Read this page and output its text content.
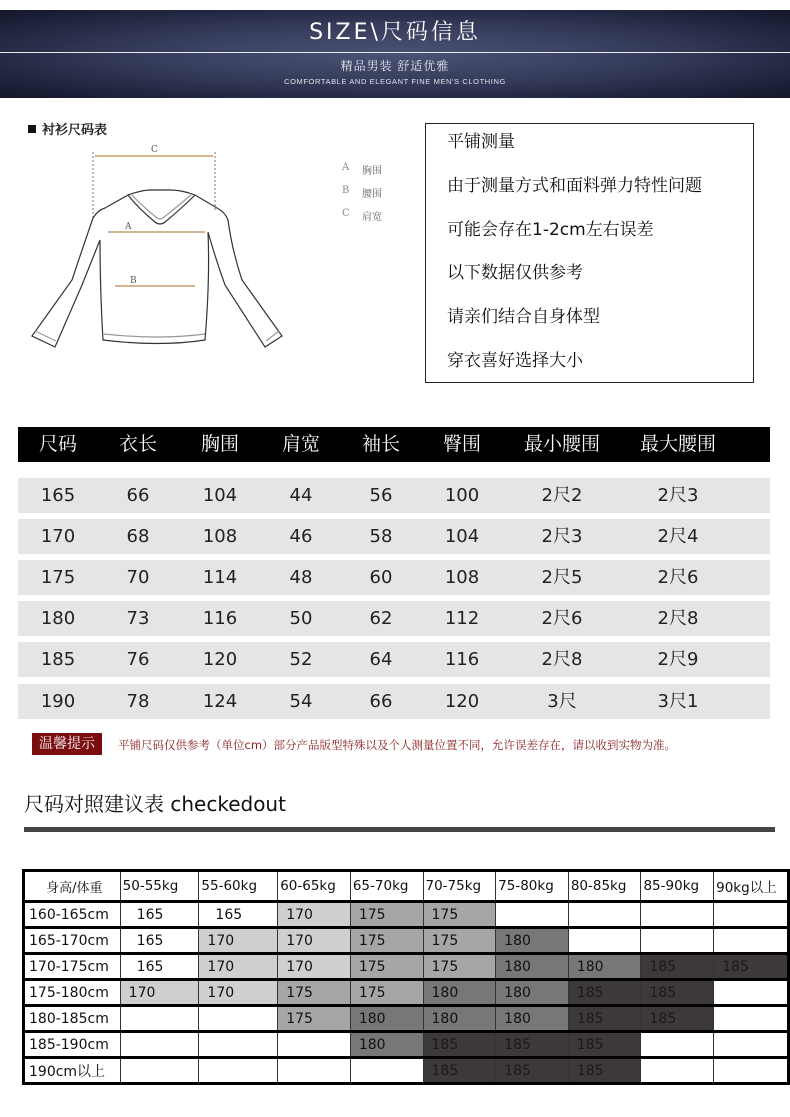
SIZE\尺码信息
精品男装 舒适优雅
COMFORTABLE AND ELEGANT FINE MEN'S CLOTHING
衬衫尺码表
C
A
B
A 胸围
B 腰围
C 肩宽
平铺测量
由于测量方式和面料弹力特性问题
可能会存在1-2cm左右误差
以下数据仅供参考
请亲们结合自身体型
穿衣喜好选择大小
尺码	衣长	胸围	肩宽	袖长	臀围	最小腰围	最大腰围
165	66	104	44	56	100	2尺2	2尺3
170	68	108	46	58	104	2尺3	2尺4
175	70	114	48	60	108	2尺5	2尺6
180	73	116	50	62	112	2尺6	2尺8
185	76	120	52	64	116	2尺8	2尺9
190	78	124	54	66	120	3尺	3尺1
温馨提示	平铺尺码仅供参考（单位cm）部分产品版型特殊以及个人测量位置不同，允许误差存在，请以收到实物为准。
尺码对照建议表 checkedout
身高/体重	50-55kg	55-60kg	60-65kg	65-70kg	70-75kg	75-80kg	80-85kg	85-90kg	90kg以上
160-165cm	165	165	170	175	175				
165-170cm	165	170	170	175	175	180			
170-175cm	165	170	170	175	175	180	180	185	185
175-180cm	170	170	175	175	180	180	185	185	
180-185cm			175	180	180	180	185	185	
185-190cm				180	185	185	185		
190cm以上					185	185	185		
